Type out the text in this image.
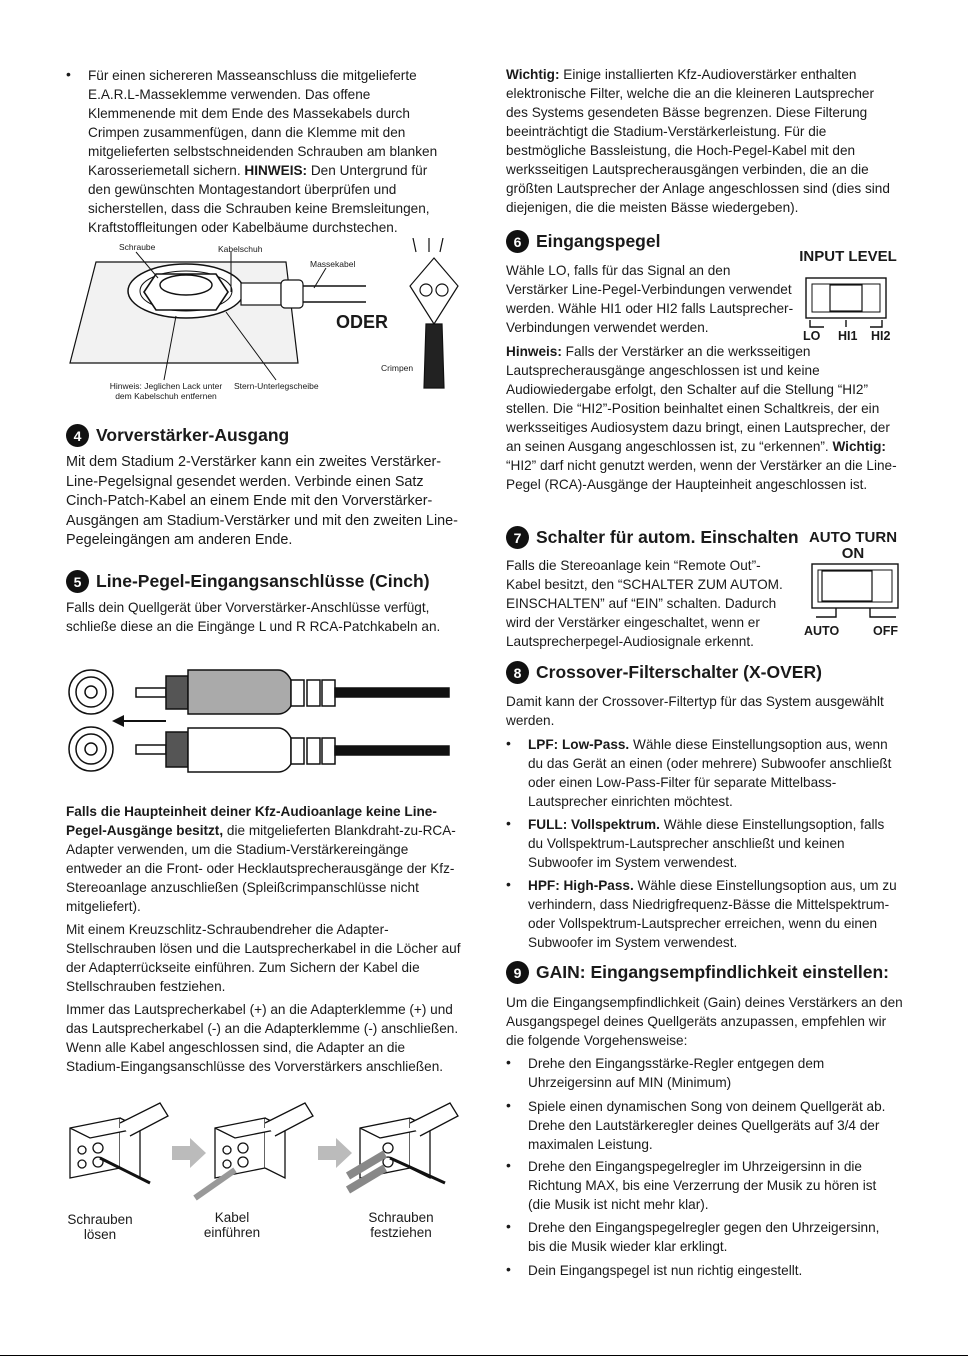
• Für einen sichereren Masseanschluss die mitgelieferte E.A.R.L-Masseklemme verwenden. Das offene Klemmenende mit dem Ende des Massekabels durch Crimpen zusammenfügen, dann die Klemme mit den mitgelieferten selbstschneidenden Schrauben am blanken Karosseriemetall sichern. HINWEIS: Den Untergrund für den gewünschten Montagestandort überprüfen und sicherstellen, dass die Schrauben keine Bremsleitungen, Kraftstoffleitungen oder Kabelbäume durchstechen.

Schraube	Kabelschuh
Massekabel
ODER
Crimpen
Hinweis: Jeglichen Lack unter dem Kabelschuh entfernen
Stern-Unterlegscheibe
4 Vorverstärker-Ausgang

Mit dem Stadium 2-Verstärker kann ein zweites Verstärker-Line-Pegelsignal gesendet werden. Verbinde einen Satz Cinch-Patch-Kabel an einem Ende mit den Vorverstärker-Ausgängen am Stadium-Verstärker und mit den zweiten Line-Pegeleingängen am anderen Ende.

5 Line-Pegel-Eingangsanschlüsse (Cinch)

Falls dein Quellgerät über Vorverstärker-Anschlüsse verfügt, schließe diese an die Eingänge L und R RCA-Patchkabeln an.

Falls die Haupteinheit deiner Kfz-Audioanlage keine Line-Pegel-Ausgänge besitzt, die mitgelieferten Blankdraht-zu-RCA-Adapter verwenden, um die Stadium-Verstärkereingänge entweder an die Front- oder Hecklautsprecherausgänge der Kfz-Stereoanlage anzuschließen (Spleißcrimpanschlüsse nicht mitgeliefert).

Mit einem Kreuzschlitz-Schraubendreher die Adapter-Stellschrauben lösen und die Lautsprecherkabel in die Löcher auf der Adapterrückseite einführen. Zum Sichern der Kabel die Stellschrauben festziehen.

Immer das Lautsprecherkabel (+) an die Adapterklemme (+) und das Lautsprecherkabel (-) an die Adapterklemme (-) anschließen. Wenn alle Kabel angeschlossen sind, die Adapter an die Stadium-Eingangsanschlüsse des Vorverstärkers anschließen.

Schrauben lösen
Kabel einführen
Schrauben festziehen

Wichtig: Einige installierten Kfz-Audioverstärker enthalten elektronische Filter, welche die an die kleineren Lautsprecher des Systems gesendeten Bässe begrenzen. Diese Filterung beeinträchtigt die Stadium-Verstärkerleistung. Für die bestmögliche Bassleistung, die Hoch-Pegel-Kabel mit den werksseitigen Lautsprecherausgängen verbinden, die an die größten Lautsprecher der Anlage angeschlossen sind (dies sind diejenigen, die die meisten Bässe wiedergeben).

6 Eingangspegel

Wähle LO, falls für das Signal an den Verstärker Line-Pegel-Verbindungen verwendet werden. Wähle HI1 oder HI2 falls Lautsprecher-Verbindungen verwendet werden.

INPUT LEVEL
LO HI1 HI2

Hinweis: Falls der Verstärker an die werksseitigen Lautsprecherausgänge angeschlossen ist und keine Audiowiedergabe erfolgt, den Schalter auf die Stellung “HI2” stellen. Die “HI2”-Position beinhaltet einen Schaltkreis, der ein werksseitiges Audiosystem dazu bringt, einen Lautsprecher, der an seinen Ausgang angeschlossen ist, zu “erkennen”. Wichtig: “HI2” darf nicht genutzt werden, wenn der Verstärker an die Line-Pegel (RCA)-Ausgänge der Haupteinheit angeschlossen ist.

7 Schalter für autom. Einschalten

Falls die Stereoanlage kein “Remote Out”-Kabel besitzt, den “SCHALTER ZUM AUTOM. EINSCHALTEN” auf “EIN” schalten. Dadurch wird der Verstärker eingeschaltet, wenn er Lautsprecherpegel-Audiosignale erkennt.

AUTO TURN ON
AUTO	OFF
8 Crossover-Filterschalter (X-OVER)

Damit kann der Crossover-Filtertyp für das System ausgewählt werden.

• LPF: Low-Pass. Wähle diese Einstellungsoption aus, wenn du das Gerät an einen (oder mehrere) Subwoofer anschließt oder einen Low-Pass-Filter für separate Mittelbass-Lautsprecher einrichten möchtest.

• FULL: Vollspektrum. Wähle diese Einstellungsoption, falls du Vollspektrum-Lautsprecher anschließt und keinen Subwoofer im System verwendest.

• HPF: High-Pass. Wähle diese Einstellungsoption aus, um zu verhindern, dass Niedrigfrequenz-Bässe die Mittelspektrum- oder Vollspektrum-Lautsprecher erreichen, wenn du einen Subwoofer im System verwendest.

9 GAIN: Eingangsempfindlichkeit einstellen:

Um die Eingangsempfindlichkeit (Gain) deines Verstärkers an den Ausgangspegel deines Quellgeräts anzupassen, empfehlen wir die folgende Vorgehensweise:

• Drehe den Eingangsstärke-Regler entgegen dem Uhrzeigersinn auf MIN (Minimum)

• Spiele einen dynamischen Song von deinem Quellgerät ab. Drehe den Lautstärkeregler deines Quellgeräts auf 3/4 der maximalen Leistung.

• Drehe den Eingangspegelregler im Uhrzeigersinn in die Richtung MAX, bis eine Verzerrung der Musik zu hören ist (die Musik ist nicht mehr klar).

• Drehe den Eingangspegelregler gegen den Uhrzeigersinn, bis die Musik wieder klar erklingt.

• Dein Eingangspegel ist nun richtig eingestellt.
